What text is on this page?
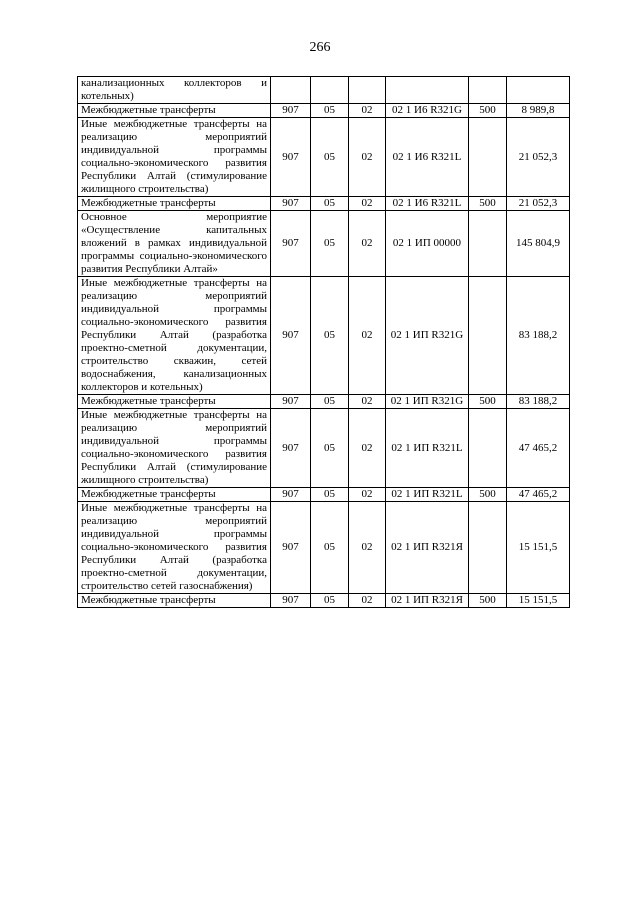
266
канализационных коллекторов и котельных)						
Межбюджетные трансферты	907	05	02	02 1 И6 R321G	500	8 989,8
Иные межбюджетные трансферты на реализацию мероприятий индивидуальной программы социально-экономического развития Республики Алтай (стимулирование жилищного строительства)	907	05	02	02 1 И6 R321L		21 052,3
Межбюджетные трансферты	907	05	02	02 1 И6 R321L	500	21 052,3
Основное мероприятие «Осуществление капитальных вложений в рамках индивидуальной программы социально-экономического развития Республики Алтай»	907	05	02	02 1 ИП 00000		145 804,9
Иные межбюджетные трансферты на реализацию мероприятий индивидуальной программы социально-экономического развития Республики Алтай (разработка проектно-сметной документации, строительство скважин, сетей водоснабжения, канализационных коллекторов и котельных)	907	05	02	02 1 ИП R321G		83 188,2
Межбюджетные трансферты	907	05	02	02 1 ИП R321G	500	83 188,2
Иные межбюджетные трансферты на реализацию мероприятий индивидуальной программы социально-экономического развития Республики Алтай (стимулирование жилищного строительства)	907	05	02	02 1 ИП R321L		47 465,2
Межбюджетные трансферты	907	05	02	02 1 ИП R321L	500	47 465,2
Иные межбюджетные трансферты на реализацию мероприятий индивидуальной программы социально-экономического развития Республики Алтай (разработка проектно-сметной документации, строительство сетей газоснабжения)	907	05	02	02 1 ИП R321Я		15 151,5
Межбюджетные трансферты	907	05	02	02 1 ИП R321Я	500	15 151,5
